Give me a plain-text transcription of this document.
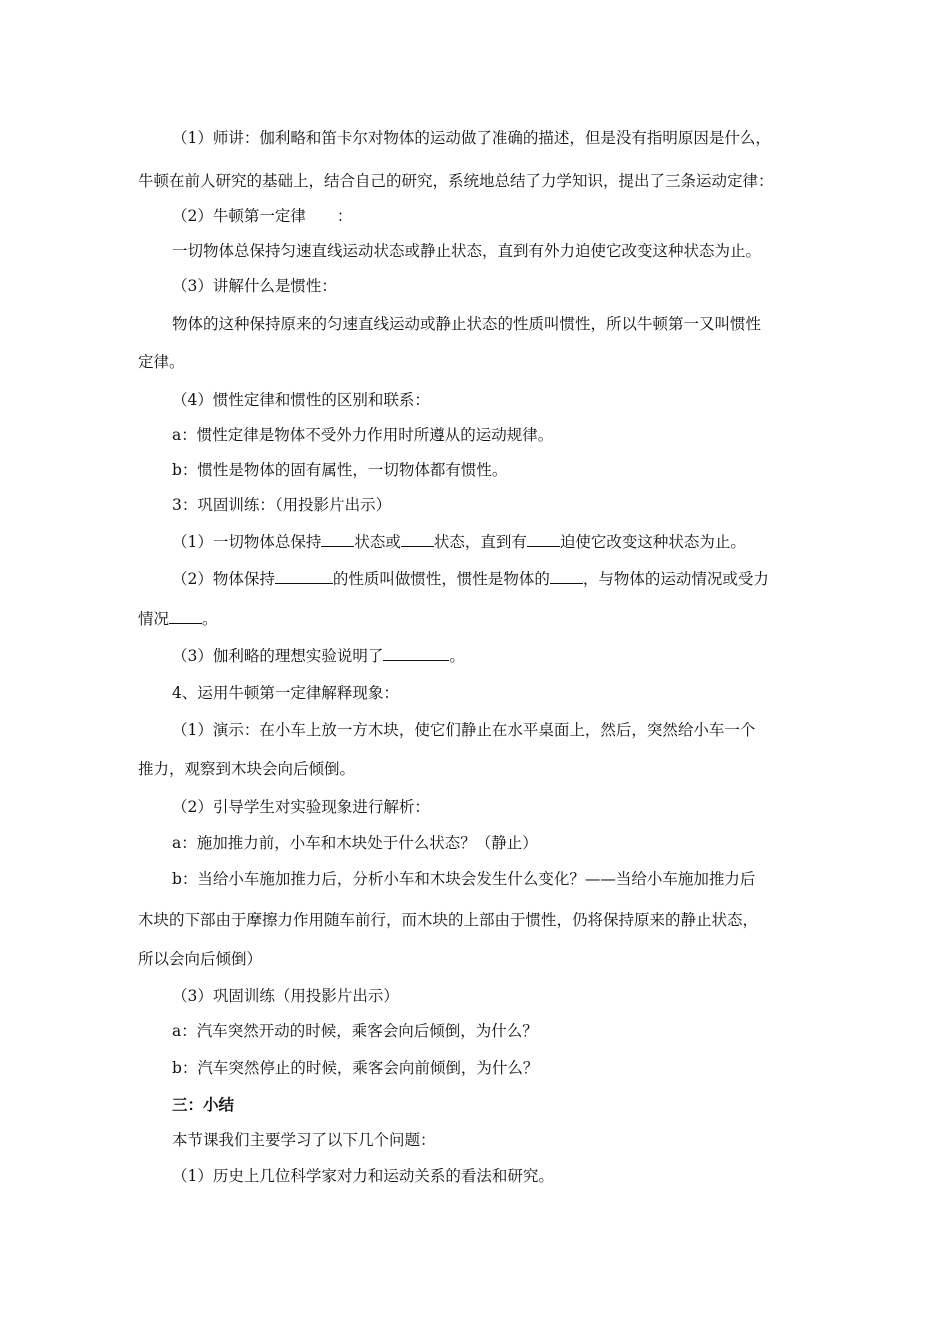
（1）师讲：伽利略和笛卡尔对物体的运动做了准确的描述，但是没有指明原因是什么，
牛顿在前人研究的基础上，结合自己的研究，系统地总结了力学知识，提出了三条运动定律：
（2）牛顿第一定律　　：
一切物体总保持匀速直线运动状态或静止状态，直到有外力迫使它改变这种状态为止。
（3）讲解什么是惯性：
物体的这种保持原来的匀速直线运动或静止状态的性质叫惯性，所以牛顿第一又叫惯性
定律。
（4）惯性定律和惯性的区别和联系：
a：惯性定律是物体不受外力作用时所遵从的运动规律。
b：惯性是物体的固有属性，一切物体都有惯性。
3：巩固训练：（用投影片出示）
（1）一切物体总保持 状态或 状态，直到有 迫使它改变这种状态为止。
（2）物体保持	的性质叫做惯性，惯性是物体的 ，与物体的运动情况或受力
情况 。
（3）伽利略的理想实验说明了	。
4、运用牛顿第一定律解释现象：
（1）演示：在小车上放一方木块，使它们静止在水平桌面上，然后，突然给小车一个
推力，观察到木块会向后倾倒。
（2）引导学生对实验现象进行解析：
a：施加推力前，小车和木块处于什么状态？（静止）
b：当给小车施加推力后，分析小车和木块会发生什么变化？——当给小车施加推力后
木块的下部由于摩擦力作用随车前行，而木块的上部由于惯性，仍将保持原来的静止状态，
所以会向后倾倒）
（3）巩固训练（用投影片出示）
a：汽车突然开动的时候，乘客会向后倾倒，为什么？
b：汽车突然停止的时候，乘客会向前倾倒，为什么？
三：小结
本节课我们主要学习了以下几个问题：
（1）历史上几位科学家对力和运动关系的看法和研究。
